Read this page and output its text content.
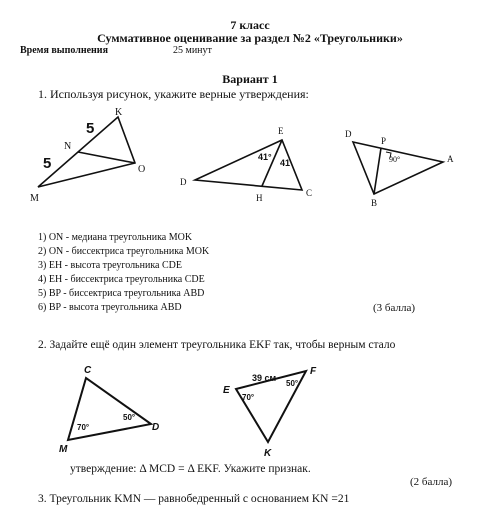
7 класс
Суммативное оценивание за раздел №2 «Треугольники»
Время выполнения	25 минут
Вариант 1
1. Используя рисунок, укажите верные утверждения:
K
N
O
M
5
5
E
D
H	C
41°
41
D
P
A
B
90°
1) ON - медиана треугольника MOK
2) ON - биссектриса треугольника MOK
3) EH - высота треугольника CDE
4) EH - биссектриса треугольника CDE
5) BP - биссектриса треугольника ABD
6) BP - высота треугольника ABD	(3 балла)
2. Задайте ещё один элемент треугольника EKF так, чтобы верным стало
C
M
D
70°
50°
E
F
K
39 см
70°
50°
утверждение: Δ MCD = Δ EKF. Укажите признак.
(2 балла)
3. Треугольник KMN — равнобедренный с основанием KN =21
